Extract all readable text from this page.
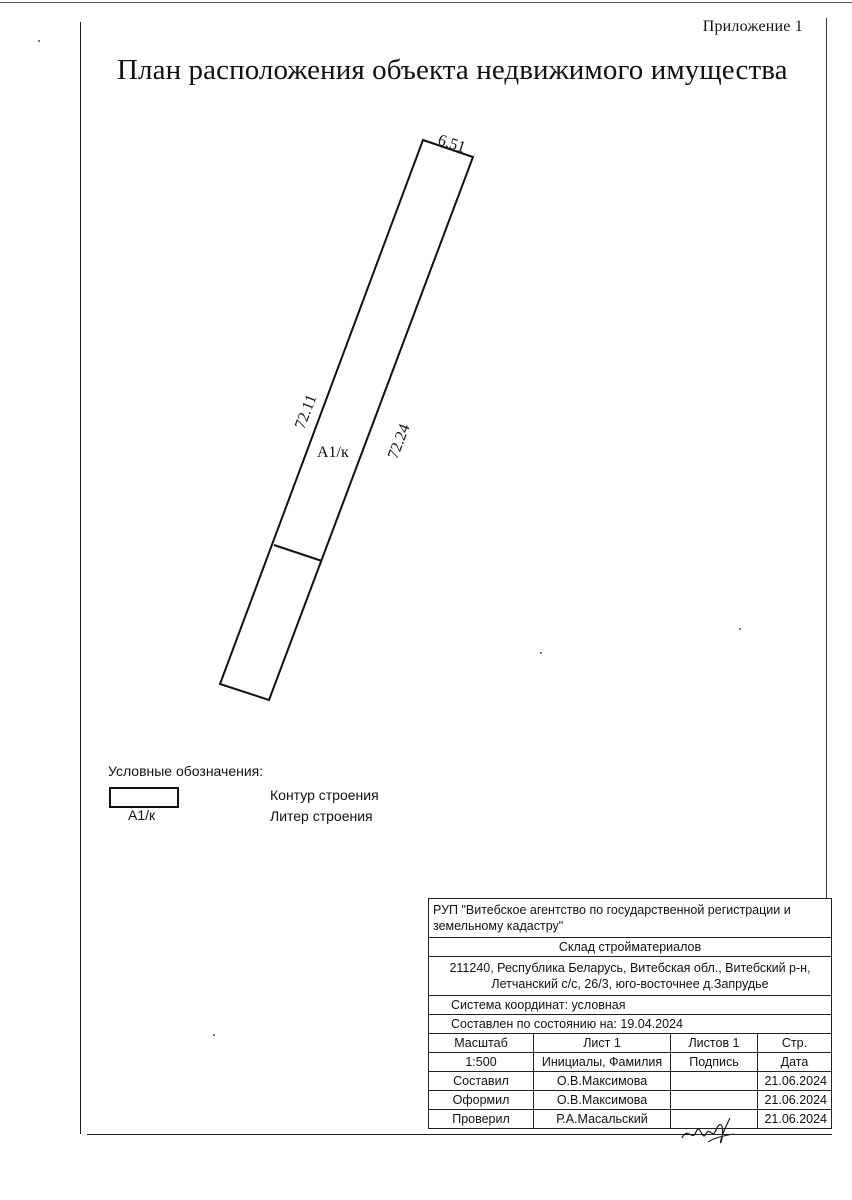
Приложение 1
План расположения объекта недвижимого имущества
6.51
72.11
72.24
А1/к
Условные обозначения:
А1/к
Контур строения
Литер строения
РУП "Витебское агентство по государственной регистрации и земельному кадастру"			
Склад стройматериалов			
211240, Республика Беларусь, Витебская обл., Витебский р-н, Летчанский с/с, 26/3, юго-восточнее д.Запрудье			
Система координат: условная			
Составлен по состоянию на: 19.04.2024			
Масштаб	Лист 1	Листов 1	Стр.
1:500	Инициалы, Фамилия	Подпись	Дата
Составил	О.В.Максимова		21.06.2024
Оформил	О.В.Максимова		21.06.2024
Проверил	Р.А.Масальский		21.06.2024
